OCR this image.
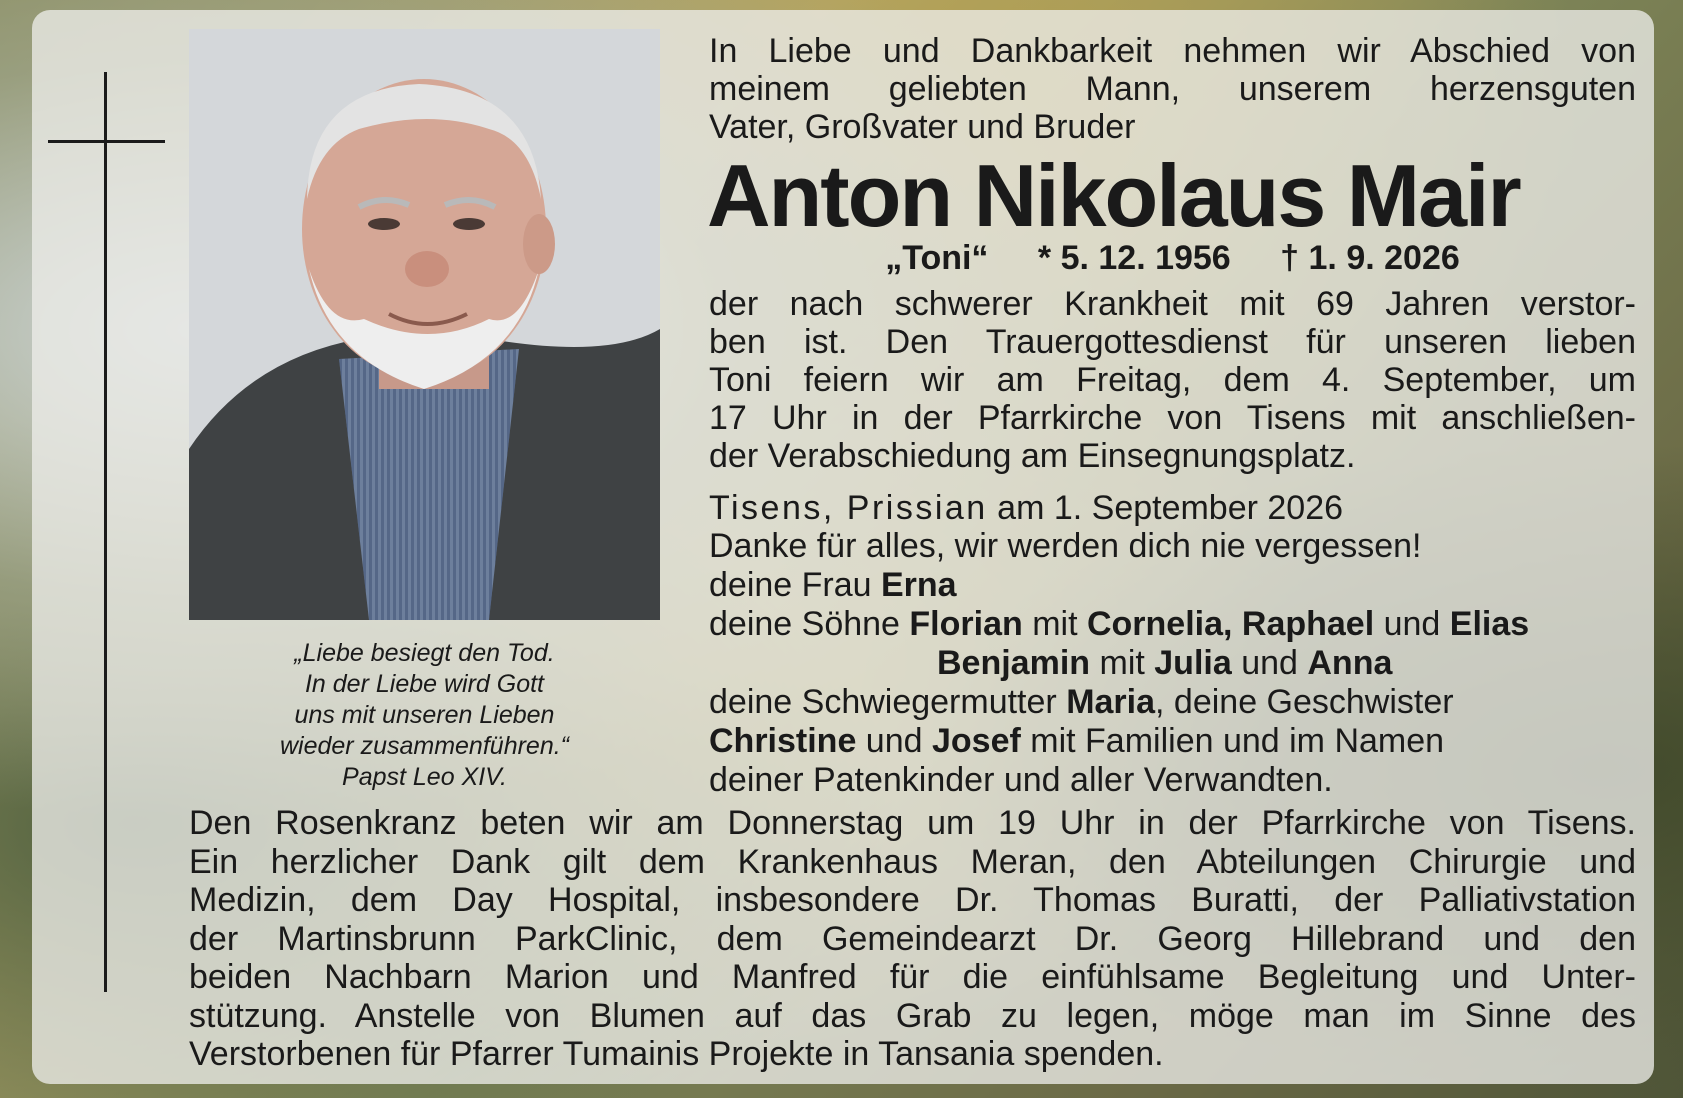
„Liebe besiegt den Tod.
In der Liebe wird Gott
uns mit unseren Lieben
wieder zusammenführen.“
Papst Leo XIV.
In Liebe und Dankbarkeit nehmen wir Abschied von
meinem geliebten Mann, unserem herzensguten
Vater, Großvater und Bruder
Anton Nikolaus Mair
„Toni“ * 5. 12. 1956 † 1. 9. 2026
der nach schwerer Krankheit mit 69 Jahren verstor-
ben ist. Den Trauergottesdienst für unseren lieben
Toni feiern wir am Freitag, dem 4. September, um
17 Uhr in der Pfarrkirche von Tisens mit anschließen-
der Verabschiedung am Einsegnungsplatz.
Tisens, Prissian am 1. September 2026
Danke für alles, wir werden dich nie vergessen!
deine Frau Erna
deine Söhne Florian mit Cornelia, Raphael und Elias
Benjamin mit Julia und Anna
deine Schwiegermutter Maria, deine Geschwister
Christine und Josef mit Familien und im Namen
deiner Patenkinder und aller Verwandten.
Den Rosenkranz beten wir am Donnerstag um 19 Uhr in der Pfarrkirche von Tisens.
Ein herzlicher Dank gilt dem Krankenhaus Meran, den Abteilungen Chirurgie und
Medizin, dem Day Hospital, insbesondere Dr. Thomas Buratti, der Palliativstation
der Martinsbrunn ParkClinic, dem Gemeindearzt Dr. Georg Hillebrand und den
beiden Nachbarn Marion und Manfred für die einfühlsame Begleitung und Unter-
stützung. Anstelle von Blumen auf das Grab zu legen, möge man im Sinne des
Verstorbenen für Pfarrer Tumainis Projekte in Tansania spenden.
